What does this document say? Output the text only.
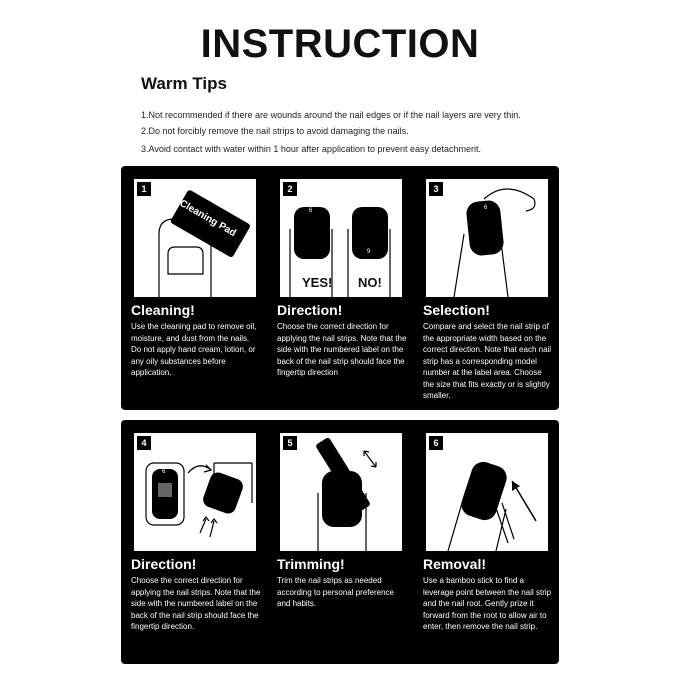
INSTRUCTION
Warm Tips
1.Not recommended if there are wounds around the nail edges or if the nail layers are very thin.
2.Do not forcibly remove the nail strips to avoid damaging the nails.
3.Avoid contact with water within 1 hour after application to prevent easy detachment.
Cleaning Pad
1
Cleaning!
Use the cleaning pad to remove oil, moisture, and dust from the nails. Do not apply hand cream, lotion, or any oily substances before application.
6
9
YES! NO!
2
Direction!
Choose the correct direction for applying the nail strips. Note that the side with the numbered label on the back of the nail strip should face the fingertip direction
6
3
Selection!
Compare and select the nail strip of the appropriate width based on the correct direction. Note that each nail strip has a corresponding model number at the label area. Choose the size that fits exactly or is slightly smaller.
6
4
Direction!
Choose the correct direction for applying the nail strips. Note that the side with the numbered label on the back of the nail strip should face the fingertip direction.
5
Trimming!
Trim the nail strips as needed according to personal preference and habits.
6
Removal!
Use a bamboo stick to find a leverage point between the nail strip and the nail root. Gently prize it forward from the root to allow air to enter, then remove the nail strip.
